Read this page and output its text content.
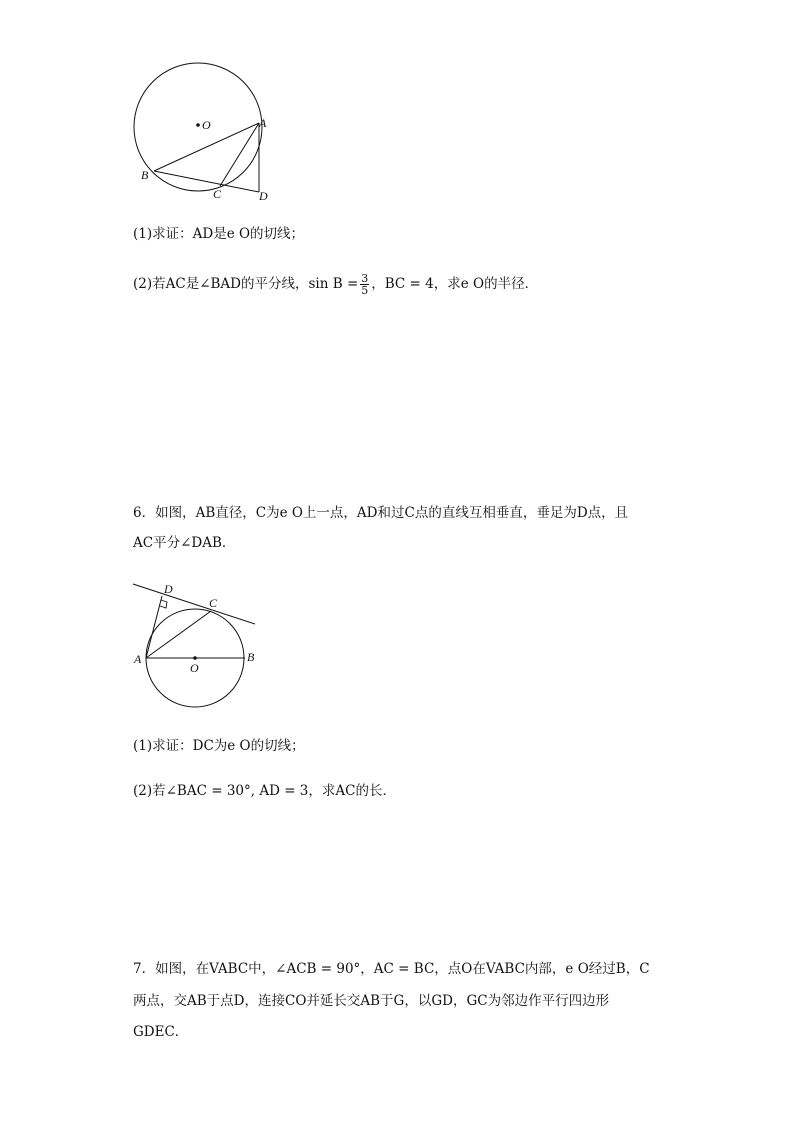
O	A
B
C	D
(1)求证：AD是e O的切线；
(2)若AC是∠BAD的平分线，$\sin B = \frac{3}{5}$ ，BC = 4，求e O的半径．
6．如图，AB直径，C为e O上一点，AD和过C点的直线互相垂直，垂足为D点，且
AC平分∠DAB．
D
C
A
O
B
(1)求证：DC为e O的切线；
(2)若∠BAC = 30°, AD = 3，求AC的长．
7．如图，在VABC中，∠ACB = 90°，AC = BC，点O在VABC内部，e O经过B，C
两点，交AB于点D，连接CO并延长交AB于G，以GD，GC为邻边作平行四边形
GDEC．
